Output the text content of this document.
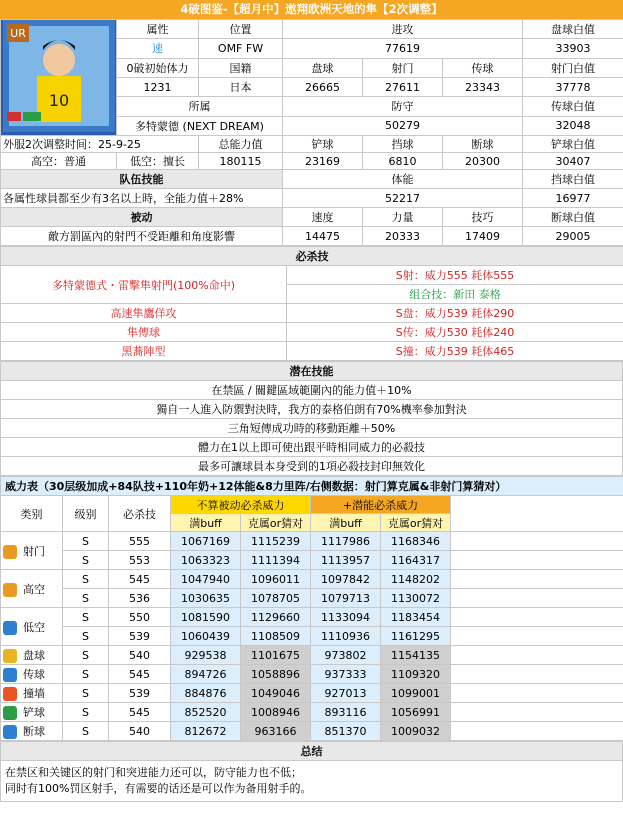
4破图鉴-【超月中】遨翔欧洲天地的隼【2次调整】
10
UR	属性	位置	进攻			盘球白值
	速	OMF FW	77619			33903
	0破初始体力	国籍	盘球	射门	传球	射门白值
	1231	日本	26665	27611	23343	37778
	所属		防守			传球白值
	多特蒙德 (NEXT DREAM)		50279			32048
外服2次调整时间：25-9-25		总能力值	铲球	挡球	断球	铲球白值
高空：普通	低空：擅长	180115	23169	6810	20300	30407
队伍技能			体能			挡球白值
各属性球員都至少有3名以上時，全能力值＋28%			52217			16977
被动			速度	力量	技巧	断球白值
敵方罰區內的射門不受距離和角度影響			14475	20333	17409	29005
必杀技	
多特蒙德式・雷擊隼射門(100%命中)	S射：威力555 耗体555
	组合技：新田 泰格
高速隼鷹佯攻	S盘：威力539 耗体290
隼傳球	S传：威力530 耗体240
黑蕎陣型	S撞：威力539 耗体465
潜在技能
在禁區 / 關鍵區域範圍內的能力值＋10%
獨自一人進入防禦對決時，我方的泰格伯朗有70%機率參加對決
三角短傳成功時的移動距離＋50%
體力在1以上即可使出跟平時相同威力的必殺技
最多可讓球員本身受到的1項必殺技封印無效化
威力表（30层级加成+84队技+110年奶+12体能&8力里阵/右侧数据：射门算克属&非射门算猜对）							
类别	级别	必杀技	不算被动必杀威力		+潜能必杀威力		
			满buff	克属or猜对	满buff	克属or猜对	
射门	S	555	1067169	1115239	1117986	1168346	
	S	553	1063323	1111394	1113957	1164317	
高空	S	545	1047940	1096011	1097842	1148202	
	S	536	1030635	1078705	1079713	1130072	
低空	S	550	1081590	1129660	1133094	1183454	
	S	539	1060439	1108509	1110936	1161295	
盘球	S	540	929538	1101675	973802	1154135	
传球	S	545	894726	1058896	937333	1109320	
撞墙	S	539	884876	1049046	927013	1099001	
铲球	S	545	852520	1008946	893116	1056991	
断球	S	540	812672	963166	851370	1009032	
总结

在禁区和关键区的射门和突进能力还可以，防守能力也不低；
同时有100%罚区射手，有需要的话还是可以作为备用射手的。
